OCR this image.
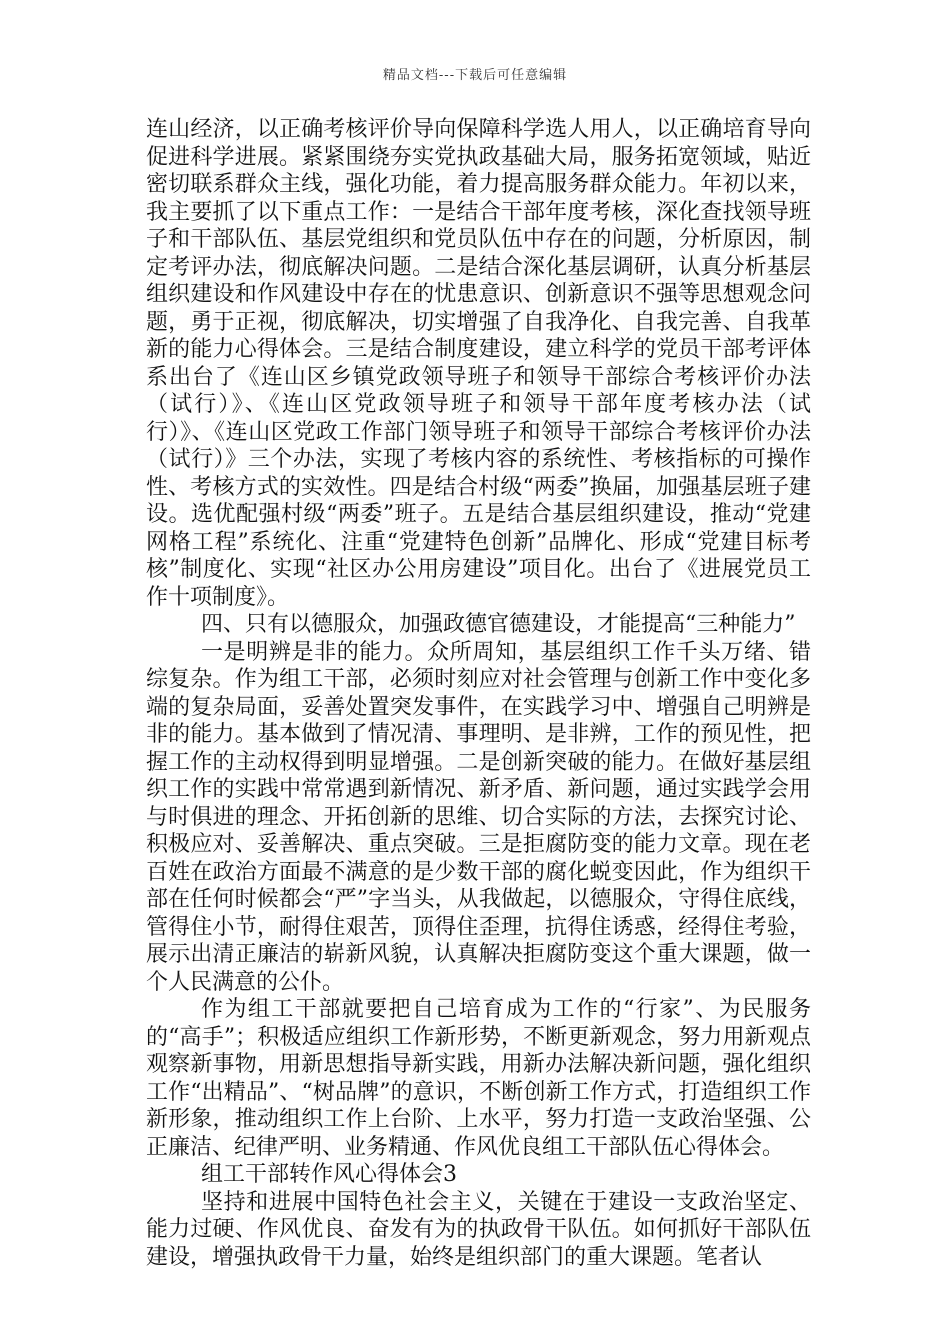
精品文档---下载后可任意编辑

连山经济，以正确考核评价导向保障科学选人用人，以正确培育导向促进科学进展。紧紧围绕夯实党执政基础大局，服务拓宽领域，贴近密切联系群众主线，强化功能，着力提高服务群众能力。年初以来，我主要抓了以下重点工作：一是结合干部年度考核，深化查找领导班子和干部队伍、基层党组织和党员队伍中存在的问题，分析原因，制定考评办法，彻底解决问题。二是结合深化基层调研，认真分析基层组织建设和作风建设中存在的忧患意识、创新意识不强等思想观念问题，勇于正视，彻底解决，切实增强了自我净化、自我完善、自我革新的能力心得体会。三是结合制度建设，建立科学的党员干部考评体系出台了《连山区乡镇党政领导班子和领导干部综合考核评价办法（试行）》、《连山区党政领导班子和领导干部年度考核办法（试行）》、《连山区党政工作部门领导班子和领导干部综合考核评价办法（试行）》三个办法，实现了考核内容的系统性、考核指标的可操作性、考核方式的实效性。四是结合村级“两委”换届，加强基层班子建设。选优配强村级“两委”班子。五是结合基层组织建设，推动“党建网格工程”系统化、注重“党建特色创新”品牌化、形成“党建目标考核”制度化、实现“社区办公用房建设”项目化。出台了《进展党员工作十项制度》。

四、只有以德服众，加强政德官德建设，才能提高“三种能力”

一是明辨是非的能力。众所周知，基层组织工作千头万绪、错综复杂。作为组工干部，必须时刻应对社会管理与创新工作中变化多端的复杂局面，妥善处置突发事件，在实践学习中、增强自己明辨是非的能力。基本做到了情况清、事理明、是非辨，工作的预见性，把握工作的主动权得到明显增强。二是创新突破的能力。在做好基层组织工作的实践中常常遇到新情况、新矛盾、新问题，通过实践学会用与时俱进的理念、开拓创新的思维、切合实际的方法，去探究讨论、积极应对、妥善解决、重点突破。三是拒腐防变的能力文章。现在老百姓在政治方面最不满意的是少数干部的腐化蜕变因此，作为组织干部在任何时候都会“严”字当头，从我做起，以德服众，守得住底线，管得住小节，耐得住艰苦，顶得住歪理，抗得住诱惑，经得住考验，展示出清正廉洁的崭新风貌，认真解决拒腐防变这个重大课题，做一个人民满意的公仆。

作为组工干部就要把自己培育成为工作的“行家”、为民服务的“高手”；积极适应组织工作新形势，不断更新观念，努力用新观点观察新事物，用新思想指导新实践，用新办法解决新问题，强化组织工作“出精品”、“树品牌”的意识，不断创新工作方式，打造组织工作新形象，推动组织工作上台阶、上水平，努力打造一支政治坚强、公正廉洁、纪律严明、业务精通、作风优良组工干部队伍心得体会。

组工干部转作风心得体会3

坚持和进展中国特色社会主义，关键在于建设一支政治坚定、能力过硬、作风优良、奋发有为的执政骨干队伍。如何抓好干部队伍建设，增强执政骨干力量，始终是组织部门的重大课题。笔者认
